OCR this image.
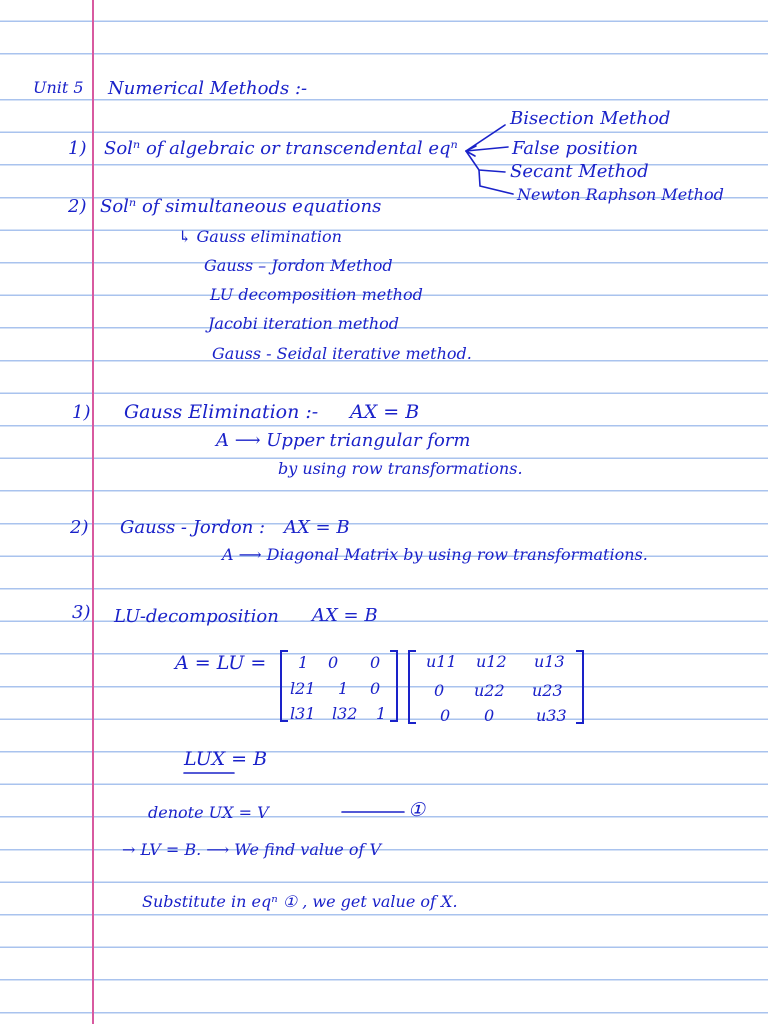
Unit 5 Numerical Methods :-
1) Solⁿ of algebraic or transcendental eqⁿ
Bisection Method
False position
Secant Method
Newton Raphson Method
2) Solⁿ of simultaneous equations
↳ Gauss elimination
Gauss – Jordon Method
LU decomposition method
Jacobi iteration method
Gauss - Seidal iterative method.
1) Gauss Elimination :- AX = B
A ⟶ Upper triangular form
by using row transformations.
2) Gauss - Jordon : AX = B
A ⟶ Diagonal Matrix by using row transformations.
3) LU-decomposition AX = B
A = LU = 1 0 0
l21 1 0
l31 l32 1
u11 u12 u13
0 u22 u23
0 0	u33
LUX = B
denote UX = V	①
→ LV = B. ⟶ We find value of V
Substitute in eqⁿ ① , we get value of X.
